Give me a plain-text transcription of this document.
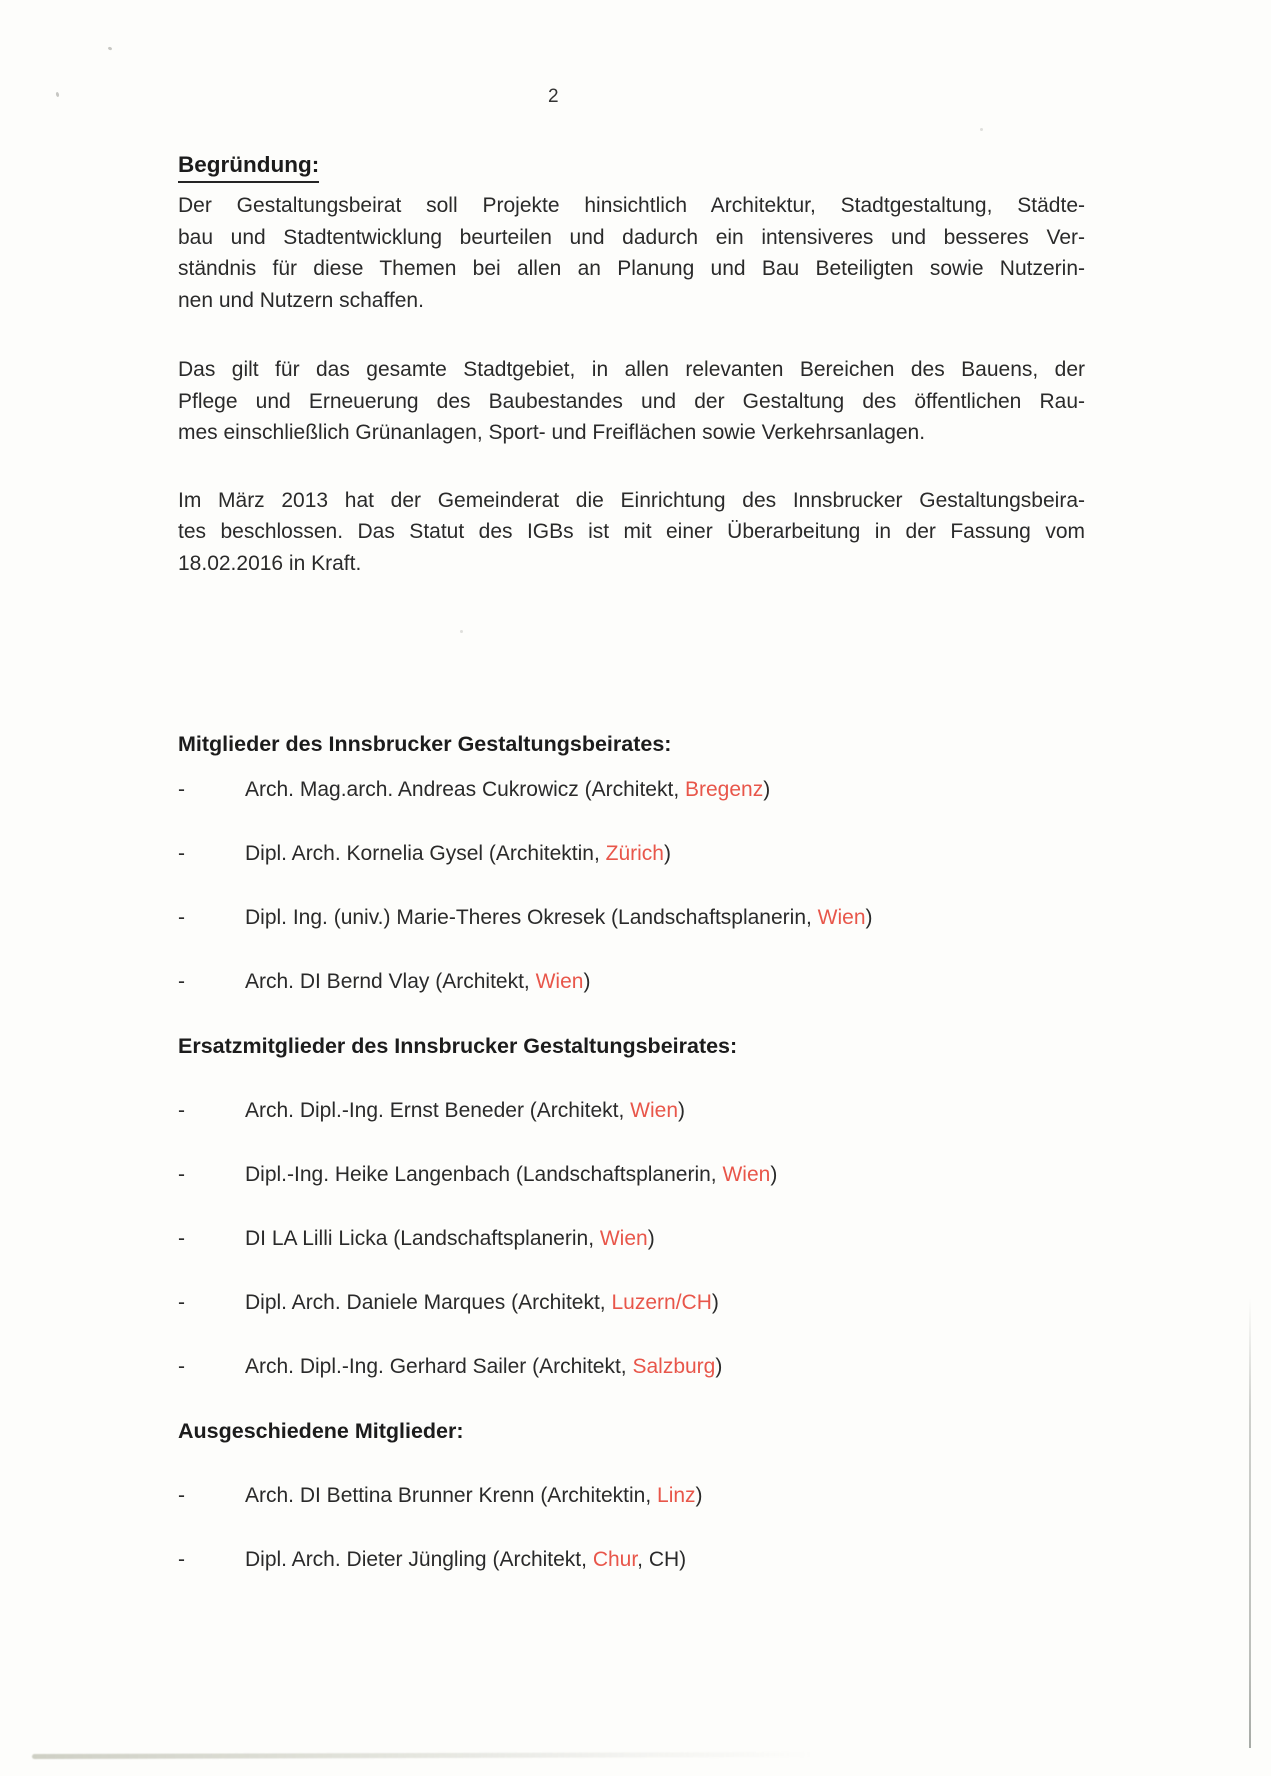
2
Begründung:
Der Gestaltungsbeirat soll Projekte hinsichtlich Architektur, Stadtgestaltung, Städte-
bau und Stadtentwicklung beurteilen und dadurch ein intensiveres und besseres Ver-
ständnis für diese Themen bei allen an Planung und Bau Beteiligten sowie Nutzerin-
nen und Nutzern schaffen.
Das gilt für das gesamte Stadtgebiet, in allen relevanten Bereichen des Bauens, der
Pflege und Erneuerung des Baubestandes und der Gestaltung des öffentlichen Rau-
mes einschließlich Grünanlagen, Sport- und Freiflächen sowie Verkehrsanlagen.
Im März 2013 hat der Gemeinderat die Einrichtung des Innsbrucker Gestaltungsbeira-
tes beschlossen. Das Statut des IGBs ist mit einer Überarbeitung in der Fassung vom
18.02.2016 in Kraft.
Mitglieder des Innsbrucker Gestaltungsbeirates:
-	Arch. Mag.arch. Andreas Cukrowicz (Architekt, Bregenz)
-	Dipl. Arch. Kornelia Gysel (Architektin, Zürich)
-	Dipl. Ing. (univ.) Marie-Theres Okresek (Landschaftsplanerin, Wien)
-	Arch. DI Bernd Vlay (Architekt, Wien)
Ersatzmitglieder des Innsbrucker Gestaltungsbeirates:
-	Arch. Dipl.-Ing. Ernst Beneder (Architekt, Wien)
-	Dipl.-Ing. Heike Langenbach (Landschaftsplanerin, Wien)
-	DI LA Lilli Licka (Landschaftsplanerin, Wien)
-	Dipl. Arch. Daniele Marques (Architekt, Luzern/CH)
-	Arch. Dipl.-Ing. Gerhard Sailer (Architekt, Salzburg)
Ausgeschiedene Mitglieder:
-	Arch. DI Bettina Brunner Krenn (Architektin, Linz)
-	Dipl. Arch. Dieter Jüngling (Architekt, Chur, CH)
